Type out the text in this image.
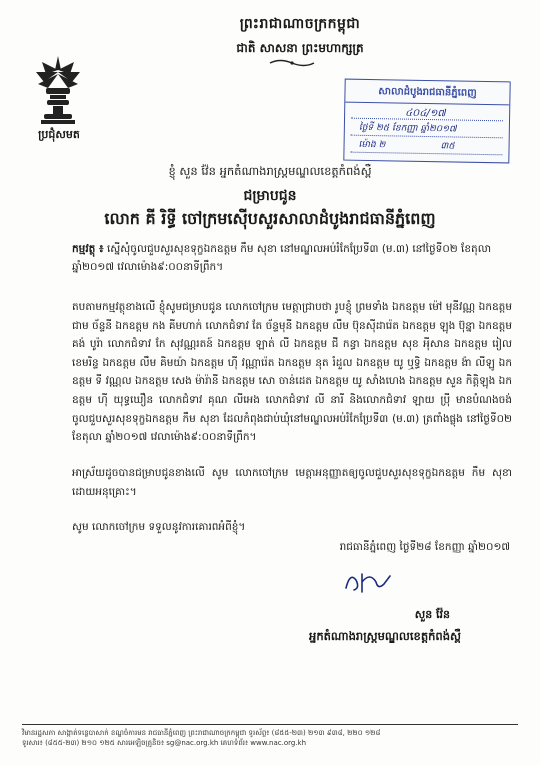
ប្រជុំសមត
ព្រះរាជាណាចក្រកម្ពុជា
ជាតិ សាសនា ព្រះមហាក្សត្រ
សាលាដំបូងរាជធានីភ្នំពេញ
៤០៤/១៧
ថ្ងៃទី ២៥ ខែកញ្ញា ឆ្នាំ២០១៧
ម៉ោង ២	៣៥
ខ្ញុំ សួន វ៉ែន អ្នកតំណាងរាស្រ្តមណ្ឌលខេត្តកំពង់ស្ពឺ
ជម្រាបជូន
លោក គី រិទ្ធី ចៅក្រមស៊ើបសួរសាលាដំបូងរាជធានីភ្នំពេញ
កម្មវត្ថុ ៖ ស្នើសុំចូលជួបសួរសុខទុក្ខឯកឧត្តម កឹម សុខា នៅមណ្ឌលអប់រំកែប្រែទី៣ (ម.៣) នៅថ្ងៃទី០២ ខែតុលា ឆ្នាំ២០១៧ វេលាម៉ោង៩:០០នាទីព្រឹក។
តបតាមកម្មវត្ថុខាងលើ ខ្ញុំសូមជម្រាបជូន លោកចៅក្រម មេត្តាជ្រាបថា រូបខ្ញុំ ព្រមទាំង ឯកឧត្តម ម៉ៅ មុនីវណ្ណ ឯកឧត្តម ជាម ច័ន្ទនី ឯកឧត្តម កង គីមហាក់ លោកជំទាវ តែ ច័ន្ទមុនី ឯកឧត្តម លឹម ប៊ុនស៊ីដារ៉េត ឯកឧត្តម ឡុង ប៊ុន្នា ឯកឧត្តម គង់ បូរ៉ា លោកជំទាវ កែ សុវណ្ណរតន៍ ឯកឧត្តម ឡាត់ លី ឯកឧត្តម ជី កន្ធា ឯកឧត្តម សុខ អុីសាន ឯកឧត្តម រៀល ខេមរិន្ទ ឯកឧត្តម លឹម គិមយ៉ា ឯកឧត្តម ហ៊ី វណ្ណារ៉េត ឯកឧត្តម នុត រំដួល ឯកឧត្តម យូ ឬទ្ធិ ឯកឧត្តម ង៉ា លីឡូ ឯកឧត្តម ទី វណ្ណល ឯកឧត្តម សេង ម៉ារ៉ានី ឯកឧត្តម សោ ចាន់ដេត ឯកឧត្តម យូ សាំងហេង ឯកឧត្តម សួន កិត្តិឡុង ឯកឧត្តម ហ៊ី យុទ្ធឃឿន លោកជំទាវ គុណ លីអេង លោកជំទាវ លី នារី និងលោកជំទាវ ឡាយ ប្រុី មានបំណងចង់ចូលជួបសួរសុខទុក្ខឯកឧត្តម កឹម សុខា ដែលកំពុងជាប់ឃុំនៅមណ្ឌលអប់រំកែប្រែទី៣ (ម.៣) ត្រពាំងផ្លុង នៅថ្ងៃទី០២ ខែតុលា ឆ្នាំ២០១៧ វេលាម៉ោង៩:០០នាទីព្រឹក។
អាស្រ័យដូចបានជម្រាបជូនខាងលើ សូម លោកចៅក្រម មេត្តាអនុញ្ញាតឲ្យចូលជួបសួរសុខទុក្ខឯកឧត្តម កឹម សុខា ដោយអនុគ្រោះ។
សូម លោកចៅក្រម ទទួលនូវការគោរពអំពីខ្ញុំ។
រាជធានីភ្នំពេញ ថ្ងៃទី២៨ ខែកញ្ញា ឆ្នាំ២០១៧
សួន វ៉ែន
អ្នកតំណាងរាស្រ្តមណ្ឌលខេត្តកំពង់ស្ពឺ
វិមានរដ្ឋសភា សាង្កាត់ទន្លេបាសាក់ ខណ្ឌចំការមន រាជធានីភ្នំពេញ ព្រះរាជាណាចក្រកម្ពុជា ទូរស័ព្ទ៖ (៨៥៥-២៣) ២១៣ ៩៣៨, ២២០ ១២៨
ទូរសារ៖ (៨៥៥-២៣) ២១០ ១២៥ សារអេឡិចត្រូនិច៖ sg@nac.org.kh គេហទំព័រ៖ www.nac.org.kh
